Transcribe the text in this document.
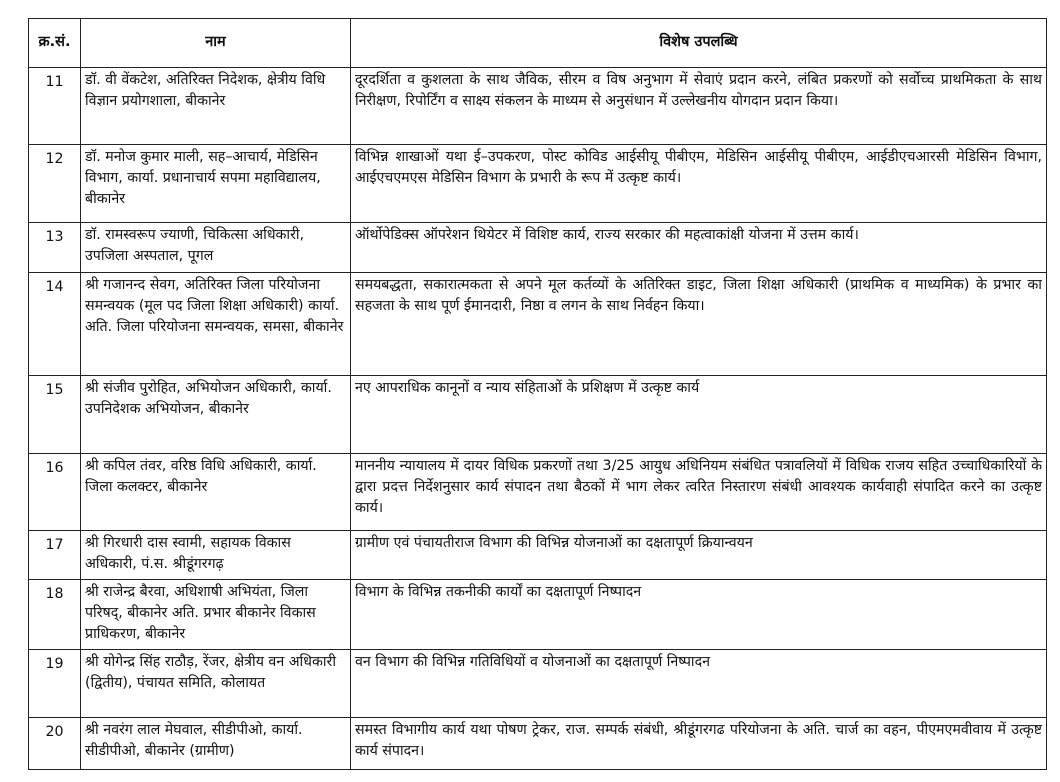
क्र.सं.	नाम	विशेष उपलब्धि
11	डॉ. वी वेंकटेश, अतिरिक्त निदेशक, क्षेत्रीय विधि विज्ञान प्रयोगशाला, बीकानेर	दूरदर्शिता व कुशलता के साथ जैविक, सीरम व विष अनुभाग में सेवाएं प्रदान करने, लंबित प्रकरणों को सर्वोच्च प्राथमिकता के साथ निरीक्षण, रिपोर्टिंग व साक्ष्य संकलन के माध्यम से अनुसंधान में उल्लेखनीय योगदान प्रदान किया।
12	डॉ. मनोज कुमार माली, सह–आचार्य, मेडिसिन विभाग, कार्या. प्रधानाचार्य सपमा महाविद्यालय, बीकानेर	विभिन्न शाखाओं यथा ई–उपकरण, पोस्ट कोविड आईसीयू पीबीएम, मेडिसिन आईसीयू पीबीएम, आईडीएचआरसी मेडिसिन विभाग, आईएचएमएस मेडिसिन विभाग के प्रभारी के रूप में उत्कृष्ट कार्य।
13	डॉ. रामस्वरूप ज्याणी, चिकित्सा अधिकारी, उपजिला अस्पताल, पूगल	ऑर्थोपेडिक्स ऑपरेशन थियेटर में विशिष्ट कार्य, राज्य सरकार की महत्वाकांक्षी योजना में उत्तम कार्य।
14	श्री गजानन्द सेवग, अतिरिक्त जिला परियोजना समन्वयक (मूल पद जिला शिक्षा अधिकारी) कार्या. अति. जिला परियोजना समन्वयक, समसा, बीकानेर	समयबद्धता, सकारात्मकता से अपने मूल कर्तव्यों के अतिरिक्त डाइट, जिला शिक्षा अधिकारी (प्राथमिक व माध्यमिक) के प्रभार का सहजता के साथ पूर्ण ईमानदारी, निष्ठा व लगन के साथ निर्वहन किया।
15	श्री संजीव पुरोहित, अभियोजन अधिकारी, कार्या. उपनिदेशक अभियोजन, बीकानेर	नए आपराधिक कानूनों व न्याय संहिताओं के प्रशिक्षण में उत्कृष्ट कार्य
16	श्री कपिल तंवर, वरिष्ठ विधि अधिकारी, कार्या. जिला कलक्टर, बीकानेर	माननीय न्यायालय में दायर विधिक प्रकरणों तथा 3/25 आयुध अधिनियम संबंधित पत्रावलियों में विधिक राजय सहित उच्चाधिकारियों के द्वारा प्रदत्त निर्देशनुसार कार्य संपादन तथा बैठकों में भाग लेकर त्वरित निस्तारण संबंधी आवश्यक कार्यवाही संपादित करने का उत्कृष्ट कार्य।
17	श्री गिरधारी दास स्वामी, सहायक विकास अधिकारी, पं.स. श्रीडूंगरगढ़	ग्रामीण एवं पंचायतीराज विभाग की विभिन्न योजनाओं का दक्षतापूर्ण क्रियान्वयन
18	श्री राजेन्द्र बैरवा, अधिशाषी अभियंता, जिला परिषद्, बीकानेर अति. प्रभार बीकानेर विकास प्राधिकरण, बीकानेर	विभाग के विभिन्न तकनीकी कार्यों का दक्षतापूर्ण निष्पादन
19	श्री योगेन्द्र सिंह राठौड़, रेंजर, क्षेत्रीय वन अधिकारी (द्वितीय), पंचायत समिति, कोलायत	वन विभाग की विभिन्न गतिविधियों व योजनाओं का दक्षतापूर्ण निष्पादन
20	श्री नवरंग लाल मेघवाल, सीडीपीओ, कार्या. सीडीपीओ, बीकानेर (ग्रामीण)	समस्त विभागीय कार्य यथा पोषण ट्रेकर, राज. सम्पर्क संबंधी, श्रीडूंगरगढ परियोजना के अति. चार्ज का वहन, पीएमएमवीवाय में उत्कृष्ट कार्य संपादन।
